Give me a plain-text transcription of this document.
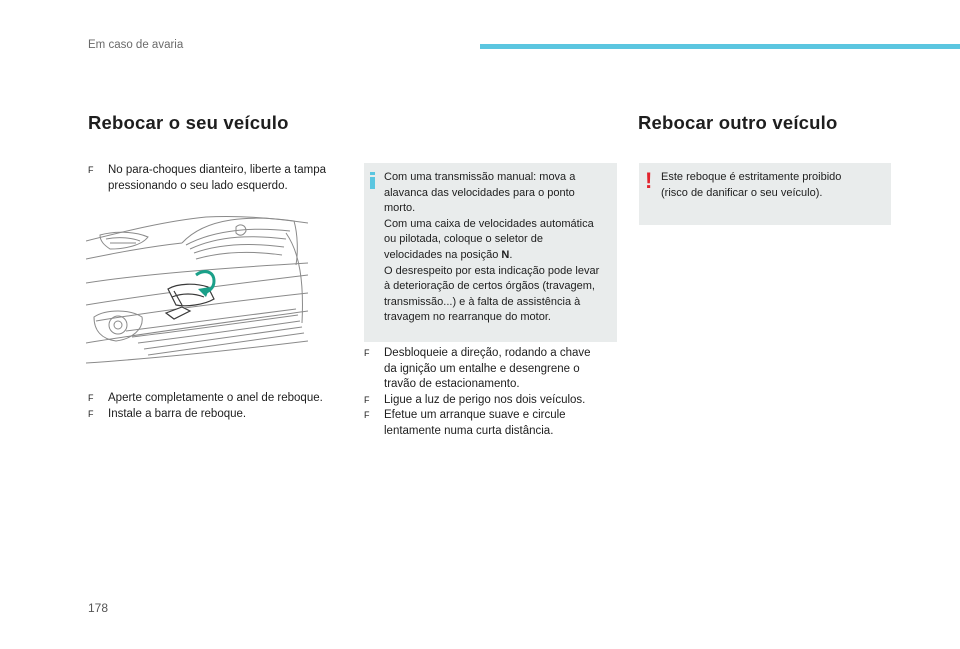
Em caso de avaria
Rebocar o seu veículo
F No para-choques dianteiro, liberte a tampa
pressionando o seu lado esquerdo.
F Aperte completamente o anel de reboque.
F Instale a barra de reboque.
Com uma transmissão manual: mova a
alavanca das velocidades para o ponto
morto.
Com uma caixa de velocidades automática
ou pilotada, coloque o seletor de
velocidades na posição N.
O desrespeito por esta indicação pode levar
à deterioração de certos órgãos (travagem,
transmissão...) e à falta de assistência à
travagem no rearranque do motor.
F Desbloqueie a direção, rodando a chave
da ignição um entalhe e desengrene o
travão de estacionamento.
F Ligue a luz de perigo nos dois veículos.
F Efetue um arranque suave e circule
lentamente numa curta distância.
Rebocar outro veículo
! Este reboque é estritamente proibido
(risco de danificar o seu veículo).
178
